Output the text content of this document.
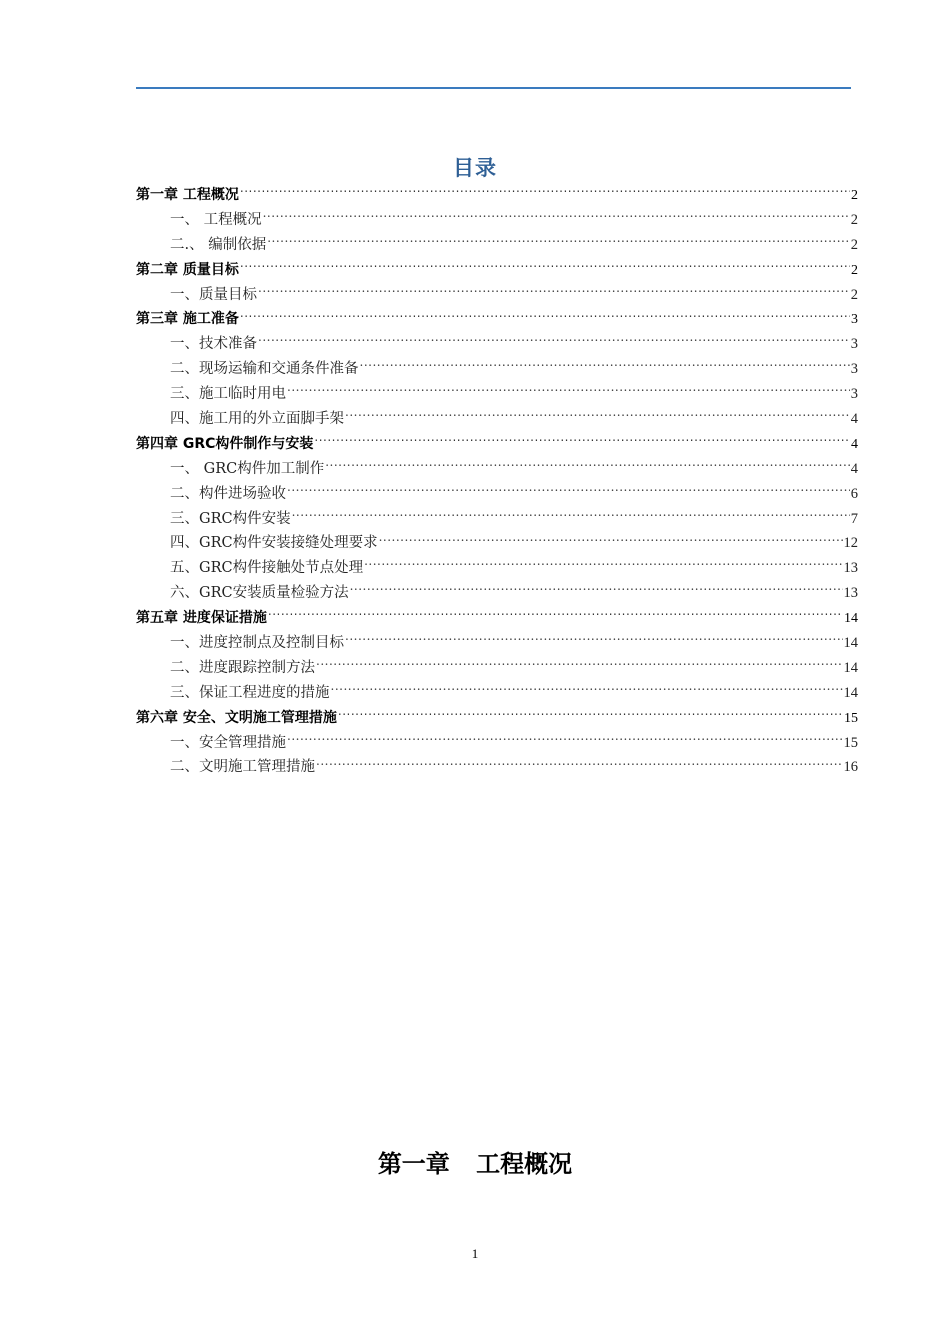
目录
第一章 工程概况 .....	2
一、 工程概况 .....	2
二.、 编制依据 .....	2
第二章 质量目标 .....	2
一、质量目标 .....	2
第三章 施工准备 .....	3
一、技术准备 .....	3
二、现场运输和交通条件准备 .....	3
三、施工临时用电 .....	3
四、施工用的外立面脚手架 .....	4
第四章 GRC构件制作与安装 .....	4
一、 GRC构件加工制作 .....	4
二、构件进场验收 .....	6
三、GRC构件安装 .....	7
四、GRC构件安装接缝处理要求 .....	12
五、GRC构件接触处节点处理 .....	13
六、GRC安装质量检验方法 .....	13
第五章 进度保证措施 .....	14
一、进度控制点及控制目标 .....	14
二、进度跟踪控制方法 .....	14
三、保证工程进度的措施 .....	14
第六章 安全、文明施工管理措施 .....	15
一、安全管理措施 .....	15
二、文明施工管理措施 .....	16
第一章 工程概况
1
